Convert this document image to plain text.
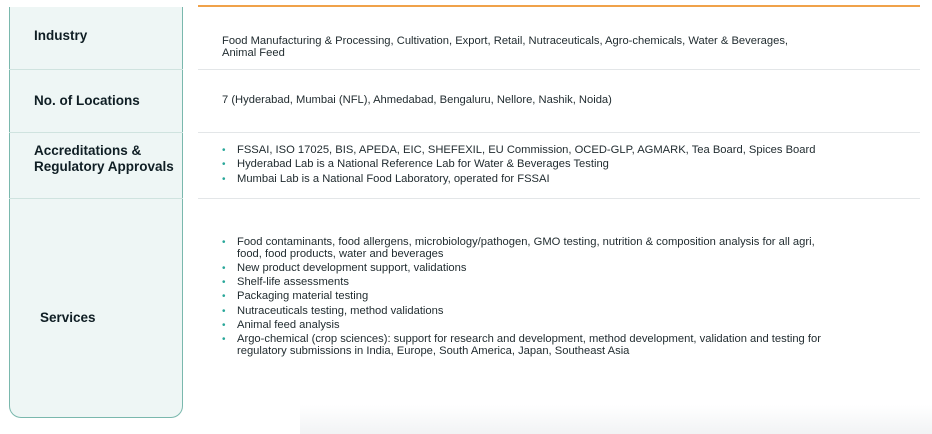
Industry	Food Manufacturing & Processing, Cultivation, Export, Retail, Nutraceuticals, Agro-chemicals, Water & Beverages, Animal Feed
No. of Locations	7 (Hyderabad, Mumbai (NFL), Ahmedabad, Bengaluru, Nellore, Nashik, Noida)
Accreditations & Regulatory Approvals
• FSSAI, ISO 17025, BIS, APEDA, EIC, SHEFEXIL, EU Commission, OCED-GLP, AGMARK, Tea Board, Spices Board
• Hyderabad Lab is a National Reference Lab for Water & Beverages Testing
• Mumbai Lab is a National Food Laboratory, operated for FSSAI
Services
• Food contaminants, food allergens, microbiology/pathogen, GMO testing, nutrition & composition analysis for all agri, food, food products, water and beverages
• New product development support, validations
• Shelf-life assessments
• Packaging material testing
• Nutraceuticals testing, method validations
• Animal feed analysis
• Argo-chemical (crop sciences): support for research and development, method development, validation and testing for regulatory submissions in India, Europe, South America, Japan, Southeast Asia
